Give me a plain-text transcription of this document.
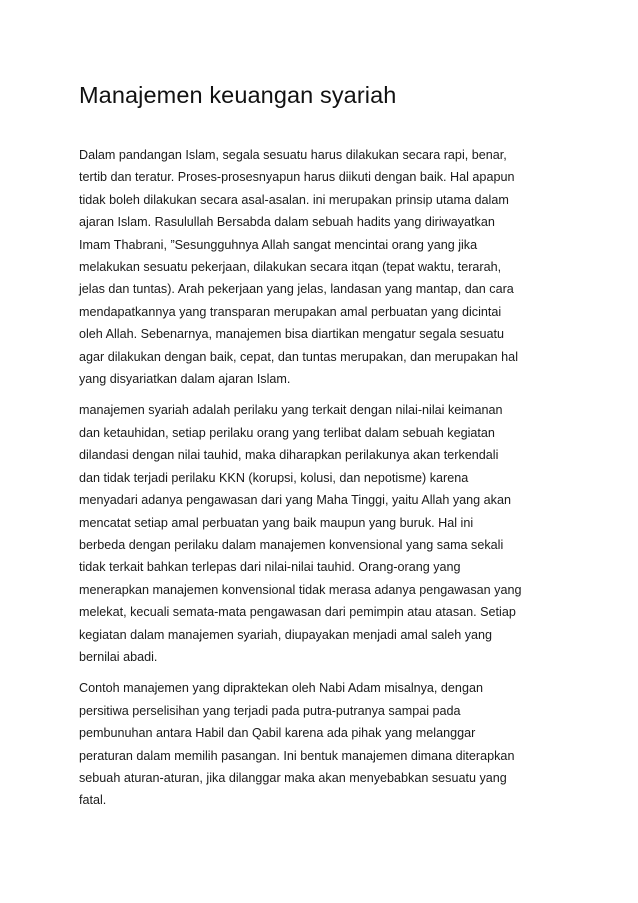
Manajemen keuangan syariah
Dalam pandangan Islam, segala sesuatu harus dilakukan secara rapi, benar,
tertib dan teratur. Proses-prosesnyapun harus diikuti dengan baik. Hal apapun
tidak boleh dilakukan secara asal-asalan. ini merupakan prinsip utama dalam
ajaran Islam. Rasulullah Bersabda dalam sebuah hadits yang diriwayatkan
Imam Thabrani, ”Sesungguhnya Allah sangat mencintai orang yang jika
melakukan sesuatu pekerjaan, dilakukan secara itqan (tepat waktu, terarah,
jelas dan tuntas). Arah pekerjaan yang jelas, landasan yang mantap, dan cara
mendapatkannya yang transparan merupakan amal perbuatan yang dicintai
oleh Allah. Sebenarnya, manajemen bisa diartikan mengatur segala sesuatu
agar dilakukan dengan baik, cepat, dan tuntas merupakan, dan merupakan hal
yang disyariatkan dalam ajaran Islam.
manajemen syariah adalah perilaku yang terkait dengan nilai-nilai keimanan
dan ketauhidan, setiap perilaku orang yang terlibat dalam sebuah kegiatan
dilandasi dengan nilai tauhid, maka diharapkan perilakunya akan terkendali
dan tidak terjadi perilaku KKN (korupsi, kolusi, dan nepotisme) karena
menyadari adanya pengawasan dari yang Maha Tinggi, yaitu Allah yang akan
mencatat setiap amal perbuatan yang baik maupun yang buruk. Hal ini
berbeda dengan perilaku dalam manajemen konvensional yang sama sekali
tidak terkait bahkan terlepas dari nilai-nilai tauhid. Orang-orang yang
menerapkan manajemen konvensional tidak merasa adanya pengawasan yang
melekat, kecuali semata-mata pengawasan dari pemimpin atau atasan. Setiap
kegiatan dalam manajemen syariah, diupayakan menjadi amal saleh yang
bernilai abadi.
Contoh manajemen yang dipraktekan oleh Nabi Adam misalnya, dengan
persitiwa perselisihan yang terjadi pada putra-putranya sampai pada
pembunuhan antara Habil dan Qabil karena ada pihak yang melanggar
peraturan dalam memilih pasangan. Ini bentuk manajemen dimana diterapkan
sebuah aturan-aturan, jika dilanggar maka akan menyebabkan sesuatu yang
fatal.
